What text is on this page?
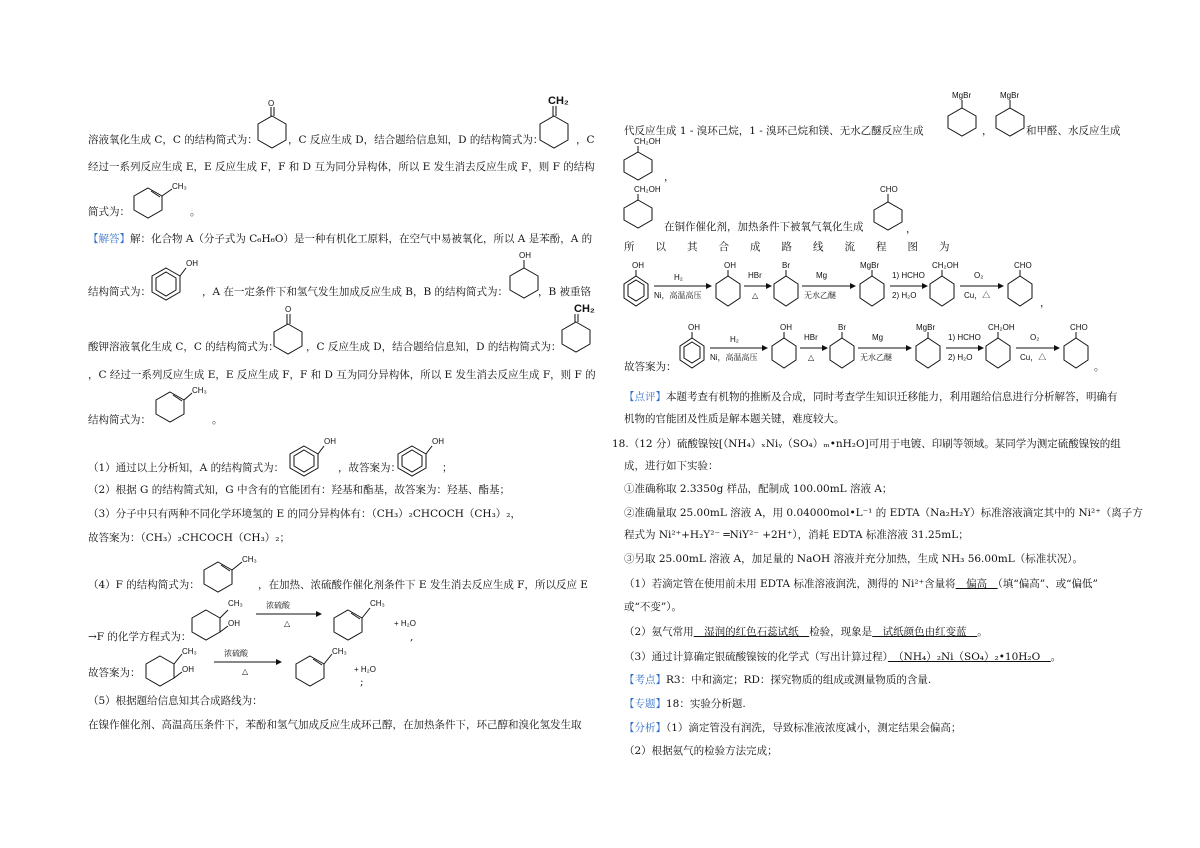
溶液氧化生成 C，C 的结构简式为：
O
，C 反应生成 D，结合题给信息知，D 的结构简式为：
CH₂
，C
经过一系列反应生成 E，E 反应生成 F，F 和 D 互为同分异构体，所以 E 发生消去反应生成 F，则 F 的结构
简式为：
CH₃
。
【解答】解：化合物 A（分子式为 C₆H₆O）是一种有机化工原料，在空气中易被氧化，所以 A 是苯酚，A 的
结构简式为：
OH
，A 在一定条件下和氢气发生加成反应生成 B，B 的结构简式为：
OH
，B 被重铬
酸钾溶液氧化生成 C，C 的结构简式为：
O
，C 反应生成 D，结合题给信息知，D 的结构简式为：
CH₂
，C 经过一系列反应生成 E，E 反应生成 F，F 和 D 互为同分异构体，所以 E 发生消去反应生成 F，则 F 的
结构简式为：
CH₃
。
（1）通过以上分析知，A 的结构简式为：
OH
，故答案为：
OH
；
（2）根据 G 的结构简式知，G 中含有的官能团有：羟基和酯基，故答案为：羟基、酯基；
（3）分子中只有两种不同化学环境氢的 E 的同分异构体有：（CH₃）₂CHCOCH（CH₃）₂，
故答案为：（CH₃）₂CHCOCH（CH₃）₂；
（4）F 的结构简式为：
CH₃
，在加热、浓硫酸作催化剂条件下 E 发生消去反应生成 F，所以反应 E
→F 的化学方程式为：
CH₃
OH
浓硫酸
△
CH₃
+ H₂O
,
故答案为：
CH₃
OH
浓硫酸
△
CH₃
+ H₂O
;
（5）根据题给信息知其合成路线为：
在镍作催化剂、高温高压条件下，苯酚和氢气加成反应生成环己醇，在加热条件下，环己醇和溴化氢发生取
代反应生成 1 - 溴环己烷，1 - 溴环己烷和镁、无水乙醚反应生成
MgBr
，
MgBr
和甲醛、水反应生成
CH₂OH
，
CH₂OH
在铜作催化剂，加热条件下被氧气氧化生成
CHO
，
所　　以　　其　　合　　成　　路　　线　　流　　程　　图　　为
OH
H₂
Ni，高温高压
OH
HBr
△
Br
Mg
无水乙醚
MgBr
1) HCHO
2) H₂O
CH₂OH
O₂
Cu，△
CHO
，
故答案为：
OH
H₂
Ni，高温高压
OH
HBr
△
Br
Mg
无水乙醚
MgBr
1) HCHO
2) H₂O
CH₂OH
O₂
Cu，△
CHO
。
【点评】本题考查有机物的推断及合成，同时考查学生知识迁移能力，利用题给信息进行分析解答，明确有
机物的官能团及性质是解本题关键，难度较大。
18.（12 分）硫酸镍铵[（NH₄）ₓNiᵧ（SO₄）ₘ•nH₂O]可用于电镀、印刷等领域。某同学为测定硫酸镍铵的组
成，进行如下实验：
①准确称取 2.3350g 样品，配制成 100.00mL 溶液 A；
②准确量取 25.00mL 溶液 A，用 0.04000mol•L⁻¹ 的 EDTA（Na₂H₂Y）标准溶液滴定其中的 Ni²⁺（离子方
程式为 Ni²⁺+H₂Y²⁻ ═NiY²⁻ +2H⁺），消耗 EDTA 标准溶液 31.25mL；
③另取 25.00mL 溶液 A，加足量的 NaOH 溶液并充分加热，生成 NH₃ 56.00mL（标准状况）。
（1）若滴定管在使用前未用 EDTA 标准溶液润洗，测得的 Ni²⁺含量将　偏高　（填“偏高”、或“偏低”
或“不变”）。
（2）氨气常用　湿润的红色石蕊试纸　检验，现象是　试纸颜色由红变蓝　。
（3）通过计算确定银硫酸镍铵的化学式（写出计算过程）　（NH₄）₂Ni（SO₄）₂•10H₂O　。
【考点】R3：中和滴定；RD：探究物质的组成或测量物质的含量.
【专题】18：实验分析题.
【分析】（1）滴定管没有润洗，导致标准液浓度减小，测定结果会偏高；
（2）根据氨气的检验方法完成；
